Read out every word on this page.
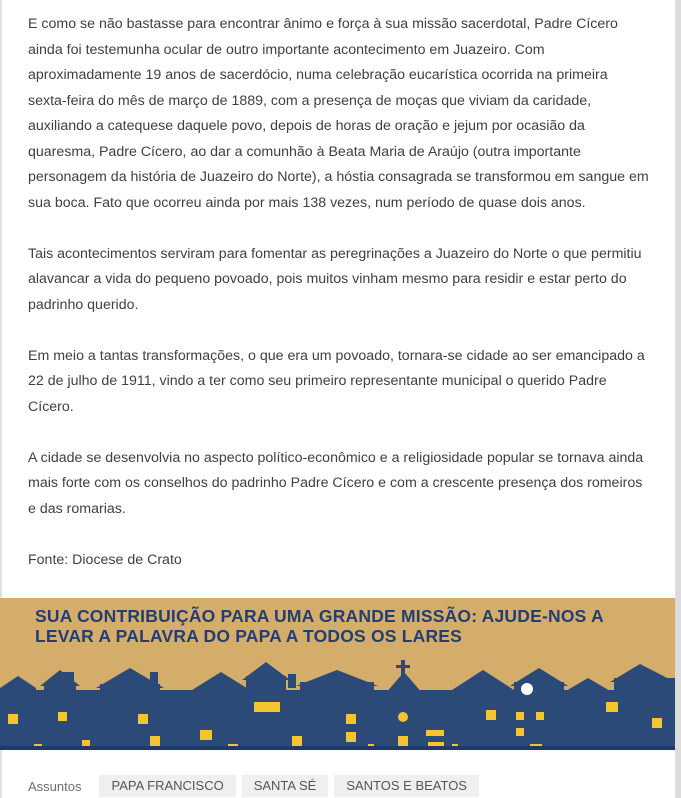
E como se não bastasse para encontrar ânimo e força à sua missão sacerdotal, Padre Cícero ainda foi testemunha ocular de outro importante acontecimento em Juazeiro. Com aproximadamente 19 anos de sacerdócio, numa celebração eucarística ocorrida na primeira sexta-feira do mês de março de 1889, com a presença de moças que viviam da caridade, auxiliando a catequese daquele povo, depois de horas de oração e jejum por ocasião da quaresma, Padre Cícero, ao dar a comunhão à Beata Maria de Araújo (outra importante personagem da história de Juazeiro do Norte), a hóstia consagrada se transformou em sangue em sua boca. Fato que ocorreu ainda por mais 138 vezes, num período de quase dois anos.

Tais acontecimentos serviram para fomentar as peregrinações a Juazeiro do Norte o que permitiu alavancar a vida do pequeno povoado, pois muitos vinham mesmo para residir e estar perto do padrinho querido.

Em meio a tantas transformações, o que era um povoado, tornara-se cidade ao ser emancipado a 22 de julho de 1911, vindo a ter como seu primeiro representante municipal o querido Padre Cícero.

A cidade se desenvolvia no aspecto político-econômico e a religiosidade popular se tornava ainda mais forte com os conselhos do padrinho Padre Cícero e com a crescente presença dos romeiros e das romarias.

Fonte: Diocese de Crato

SUA CONTRIBUIÇÃO PARA UMA GRANDE MISSÃO: AJUDE-NOS A LEVAR A PALAVRA DO PAPA A TODOS OS LARES
Assuntos	PAPA FRANCISCO	SANTA SÉ	SANTOS E BEATOS
